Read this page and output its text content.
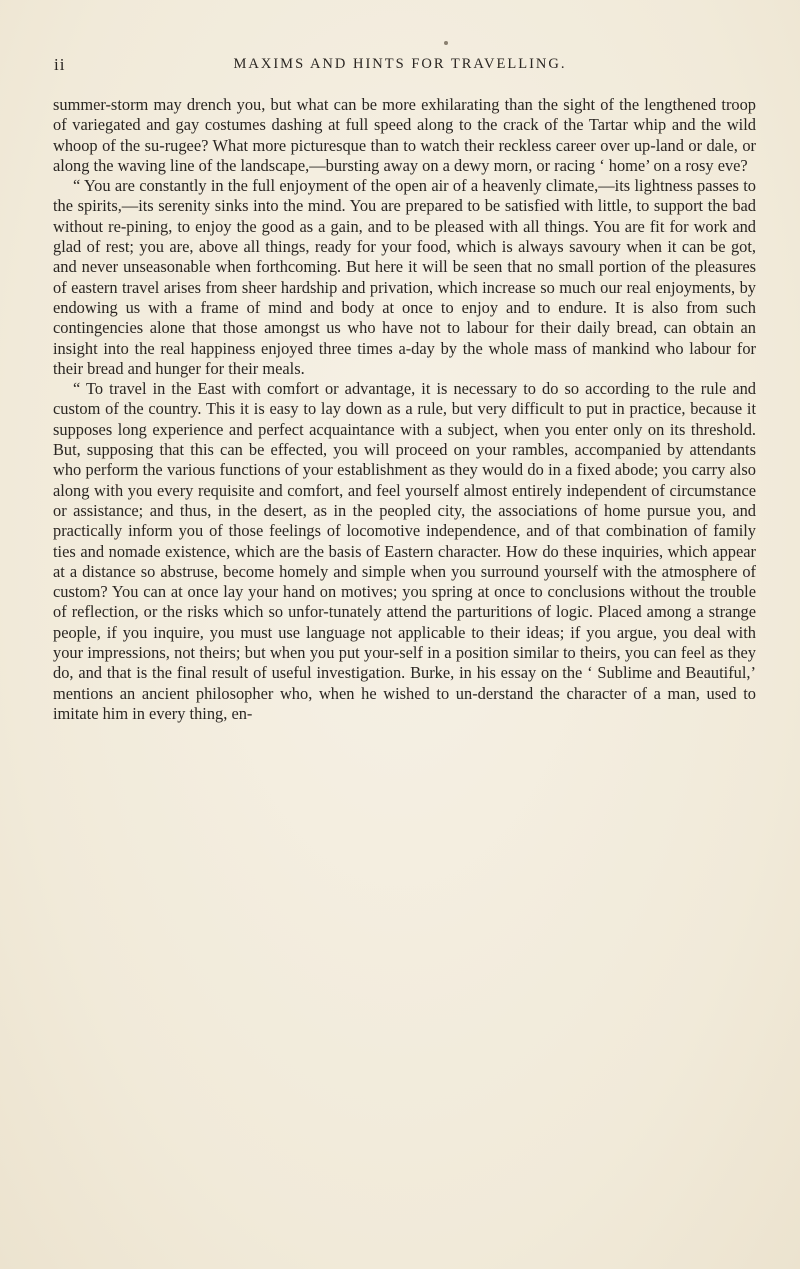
ii	MAXIMS AND HINTS FOR TRAVELLING.

summer-storm may drench you, but what can be more exhilarating than the sight of the lengthened troop of variegated and gay costumes dashing at full speed along to the crack of the Tartar whip and the wild whoop of the su-rugee? What more picturesque than to watch their reckless career over up-land or dale, or along the waving line of the landscape,—bursting away on a dewy morn, or racing ‘ home’ on a rosy eve?

“ You are constantly in the full enjoyment of the open air of a heavenly climate,—its lightness passes to the spirits,—its serenity sinks into the mind. You are prepared to be satisfied with little, to support the bad without re-pining, to enjoy the good as a gain, and to be pleased with all things. You are fit for work and glad of rest; you are, above all things, ready for your food, which is always savoury when it can be got, and never unseasonable when forthcoming. But here it will be seen that no small portion of the pleasures of eastern travel arises from sheer hardship and privation, which increase so much our real enjoyments, by endowing us with a frame of mind and body at once to enjoy and to endure. It is also from such contingencies alone that those amongst us who have not to labour for their daily bread, can obtain an insight into the real happiness enjoyed three times a-day by the whole mass of mankind who labour for their bread and hunger for their meals.

“ To travel in the East with comfort or advantage, it is necessary to do so according to the rule and custom of the country. This it is easy to lay down as a rule, but very difficult to put in practice, because it supposes long experience and perfect acquaintance with a subject, when you enter only on its threshold. But, supposing that this can be effected, you will proceed on your rambles, accompanied by attendants who perform the various functions of your establishment as they would do in a fixed abode; you carry also along with you every requisite and comfort, and feel yourself almost entirely independent of circumstance or assistance; and thus, in the desert, as in the peopled city, the associations of home pursue you, and practically inform you of those feelings of locomotive independence, and of that combination of family ties and nomade existence, which are the basis of Eastern character. How do these inquiries, which appear at a distance so abstruse, become homely and simple when you surround yourself with the atmosphere of custom? You can at once lay your hand on motives; you spring at once to conclusions without the trouble of reflection, or the risks which so unfor-tunately attend the parturitions of logic. Placed among a strange people, if you inquire, you must use language not applicable to their ideas; if you argue, you deal with your impressions, not theirs; but when you put your-self in a position similar to theirs, you can feel as they do, and that is the final result of useful investigation. Burke, in his essay on the ‘ Sublime and Beautiful,’ mentions an ancient philosopher who, when he wished to un-derstand the character of a man, used to imitate him in every thing, en-
